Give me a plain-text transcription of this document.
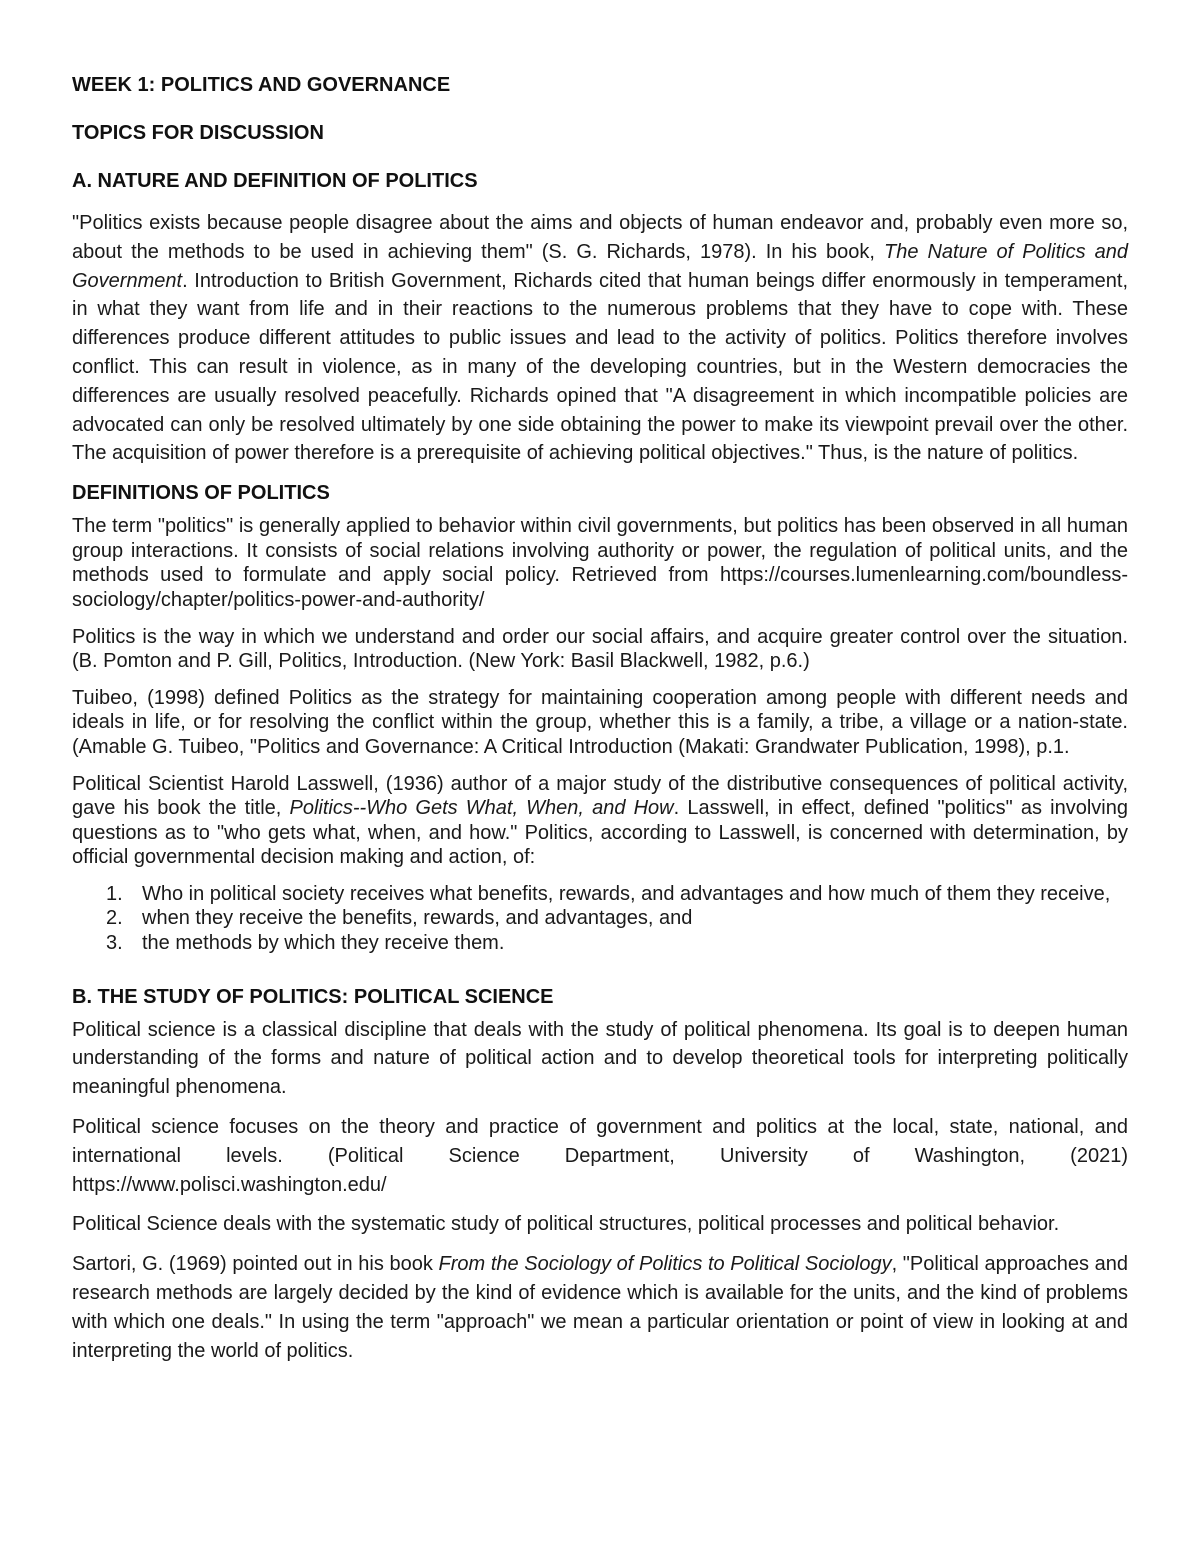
WEEK 1: POLITICS AND GOVERNANCE
TOPICS FOR DISCUSSION
A. NATURE AND DEFINITION OF POLITICS

"Politics exists because people disagree about the aims and objects of human endeavor and, probably even more so, about the methods to be used in achieving them" (S. G. Richards, 1978). In his book, The Nature of Politics and Government. Introduction to British Government, Richards cited that human beings differ enormously in temperament, in what they want from life and in their reactions to the numerous problems that they have to cope with. These differences produce different attitudes to public issues and lead to the activity of politics. Politics therefore involves conflict. This can result in violence, as in many of the developing countries, but in the Western democracies the differences are usually resolved peacefully. Richards opined that "A disagreement in which incompatible policies are advocated can only be resolved ultimately by one side obtaining the power to make its viewpoint prevail over the other. The acquisition of power therefore is a prerequisite of achieving political objectives." Thus, is the nature of politics.

DEFINITIONS OF POLITICS

The term "politics" is generally applied to behavior within civil governments, but politics has been observed in all human group interactions. It consists of social relations involving authority or power, the regulation of political units, and the methods used to formulate and apply social policy. Retrieved from https://courses.lumenlearning.com/boundless-sociology/chapter/politics-power-and-authority/

Politics is the way in which we understand and order our social affairs, and acquire greater control over the situation. (B. Pomton and P. Gill, Politics, Introduction. (New York: Basil Blackwell, 1982, p.6.)

Tuibeo, (1998) defined Politics as the strategy for maintaining cooperation among people with different needs and ideals in life, or for resolving the conflict within the group, whether this is a family, a tribe, a village or a nation-state. (Amable G. Tuibeo, "Politics and Governance: A Critical Introduction (Makati: Grandwater Publication, 1998), p.1.

Political Scientist Harold Lasswell, (1936) author of a major study of the distributive consequences of political activity, gave his book the title, Politics--Who Gets What, When, and How. Lasswell, in effect, defined "politics" as involving questions as to "who gets what, when, and how." Politics, according to Lasswell, is concerned with determination, by official governmental decision making and action, of:

1. Who in political society receives what benefits, rewards, and advantages and how much of them they receive,
2. when they receive the benefits, rewards, and advantages, and
3. the methods by which they receive them.
B. THE STUDY OF POLITICS: POLITICAL SCIENCE

Political science is a classical discipline that deals with the study of political phenomena. Its goal is to deepen human understanding of the forms and nature of political action and to develop theoretical tools for interpreting politically meaningful phenomena.

Political science focuses on the theory and practice of government and politics at the local, state, national, and international levels. (Political Science Department, University of Washington, (2021) https://www.polisci.washington.edu/

Political Science deals with the systematic study of political structures, political processes and political behavior.

Sartori, G. (1969) pointed out in his book From the Sociology of Politics to Political Sociology, "Political approaches and research methods are largely decided by the kind of evidence which is available for the units, and the kind of problems with which one deals." In using the term "approach" we mean a particular orientation or point of view in looking at and interpreting the world of politics.
